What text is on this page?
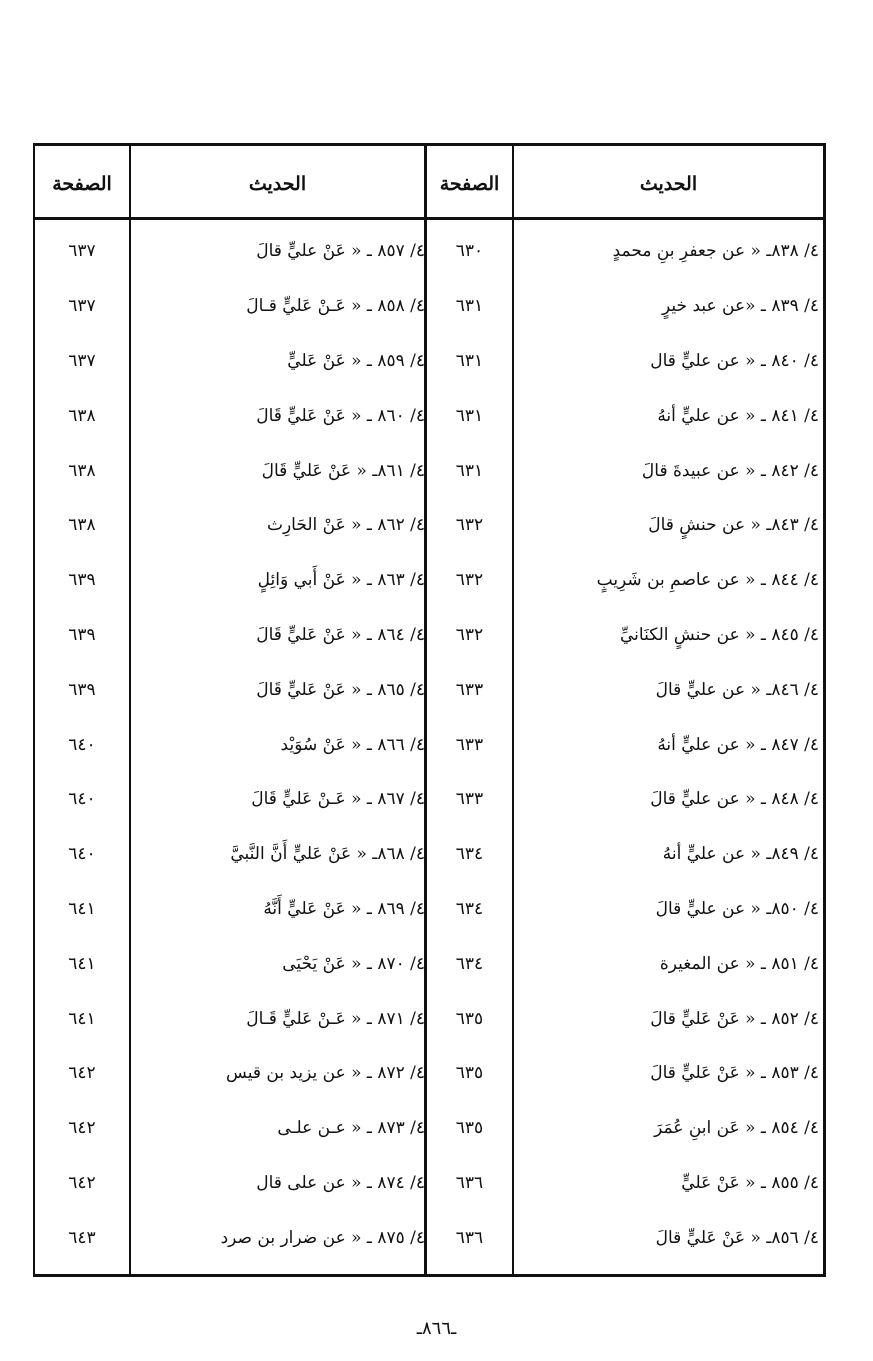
الصفحة	الحديث	الصفحة	الحديث
٦٣٧	٤/ ٨٥٧ ـ « عَنْ عليٍّ قالَ	٦٣٠	٤/ ٨٣٨ـ « عن جعفرِ بنِ محمدٍ
٦٣٧	٤/ ٨٥٨ ـ « عَـنْ عَليٍّ قـالَ	٦٣١	٤/ ٨٣٩ ـ «عن عبد خيرٍ
٦٣٧	٤/ ٨٥٩ ـ « عَنْ عَليٍّ	٦٣١	٤/ ٨٤٠ ـ « عن عليٍّ قال
٦٣٨	٤/ ٨٦٠ ـ « عَنْ عَليٍّ قَالَ	٦٣١	٤/ ٨٤١ ـ « عن عليٍّ أنهُ
٦٣٨	٤/ ٨٦١ـ « عَنْ عَليٍّ قَالَ	٦٣١	٤/ ٨٤٢ ـ « عن عبيدةَ قالَ
٦٣٨	٤/ ٨٦٢ ـ « عَنْ الحَارِث	٦٣٢	٤/ ٨٤٣ـ « عن حنشٍ قالَ
٦٣٩	٤/ ٨٦٣ ـ « عَنْ أَبي وَائِلٍ	٦٣٢	٤/ ٨٤٤ ـ « عن عاصمِ بن شَرِيبٍ
٦٣٩	٤/ ٨٦٤ ـ « عَنْ عَليٍّ قَالَ	٦٣٢	٤/ ٨٤٥ ـ « عن حنشٍ الكنَانيِّ
٦٣٩	٤/ ٨٦٥ ـ « عَنْ عَليٍّ قَالَ	٦٣٣	٤/ ٨٤٦ـ « عن عليٍّ قالَ
٦٤٠	٤/ ٨٦٦ ـ « عَنْ سُوَيْد	٦٣٣	٤/ ٨٤٧ ـ « عن عليٍّ أنهُ
٦٤٠	٤/ ٨٦٧ ـ « عَـنْ عَليٍّ قَالَ	٦٣٣	٤/ ٨٤٨ ـ « عن عليٍّ قالَ
٦٤٠	٤/ ٨٦٨ـ « عَنْ عَليٍّ أَنَّ النَّبيَّ	٦٣٤	٤/ ٨٤٩ـ « عن عليٍّ أنهُ
٦٤١	٤/ ٨٦٩ ـ « عَنْ عَليٍّ أَنَّهُ	٦٣٤	٤/ ٨٥٠ـ « عن عليٍّ قالَ
٦٤١	٤/ ٨٧٠ ـ « عَنْ يَحْيَى	٦٣٤	٤/ ٨٥١ ـ « عن المغيرة
٦٤١	٤/ ٨٧١ ـ « عَـنْ عَليٍّ قَـالَ	٦٣٥	٤/ ٨٥٢ ـ « عَنْ عَليٍّ قالَ
٦٤٢	٤/ ٨٧٢ ـ « عن يزيد بن قيس	٦٣٥	٤/ ٨٥٣ ـ « عَنْ عَليٍّ قالَ
٦٤٢	٤/ ٨٧٣ ـ « عـن علـى	٦٣٥	٤/ ٨٥٤ ـ « عَن ابنِ عُمَرَ
٦٤٢	٤/ ٨٧٤ ـ « عن على قال	٦٣٦	٤/ ٨٥٥ ـ « عَنْ عَليٍّ
٦٤٣	٤/ ٨٧٥ ـ « عن ضرار بن صرد	٦٣٦	٤/ ٨٥٦ـ « عَنْ عَليٍّ قالَ
ـ٨٦٦ـ
